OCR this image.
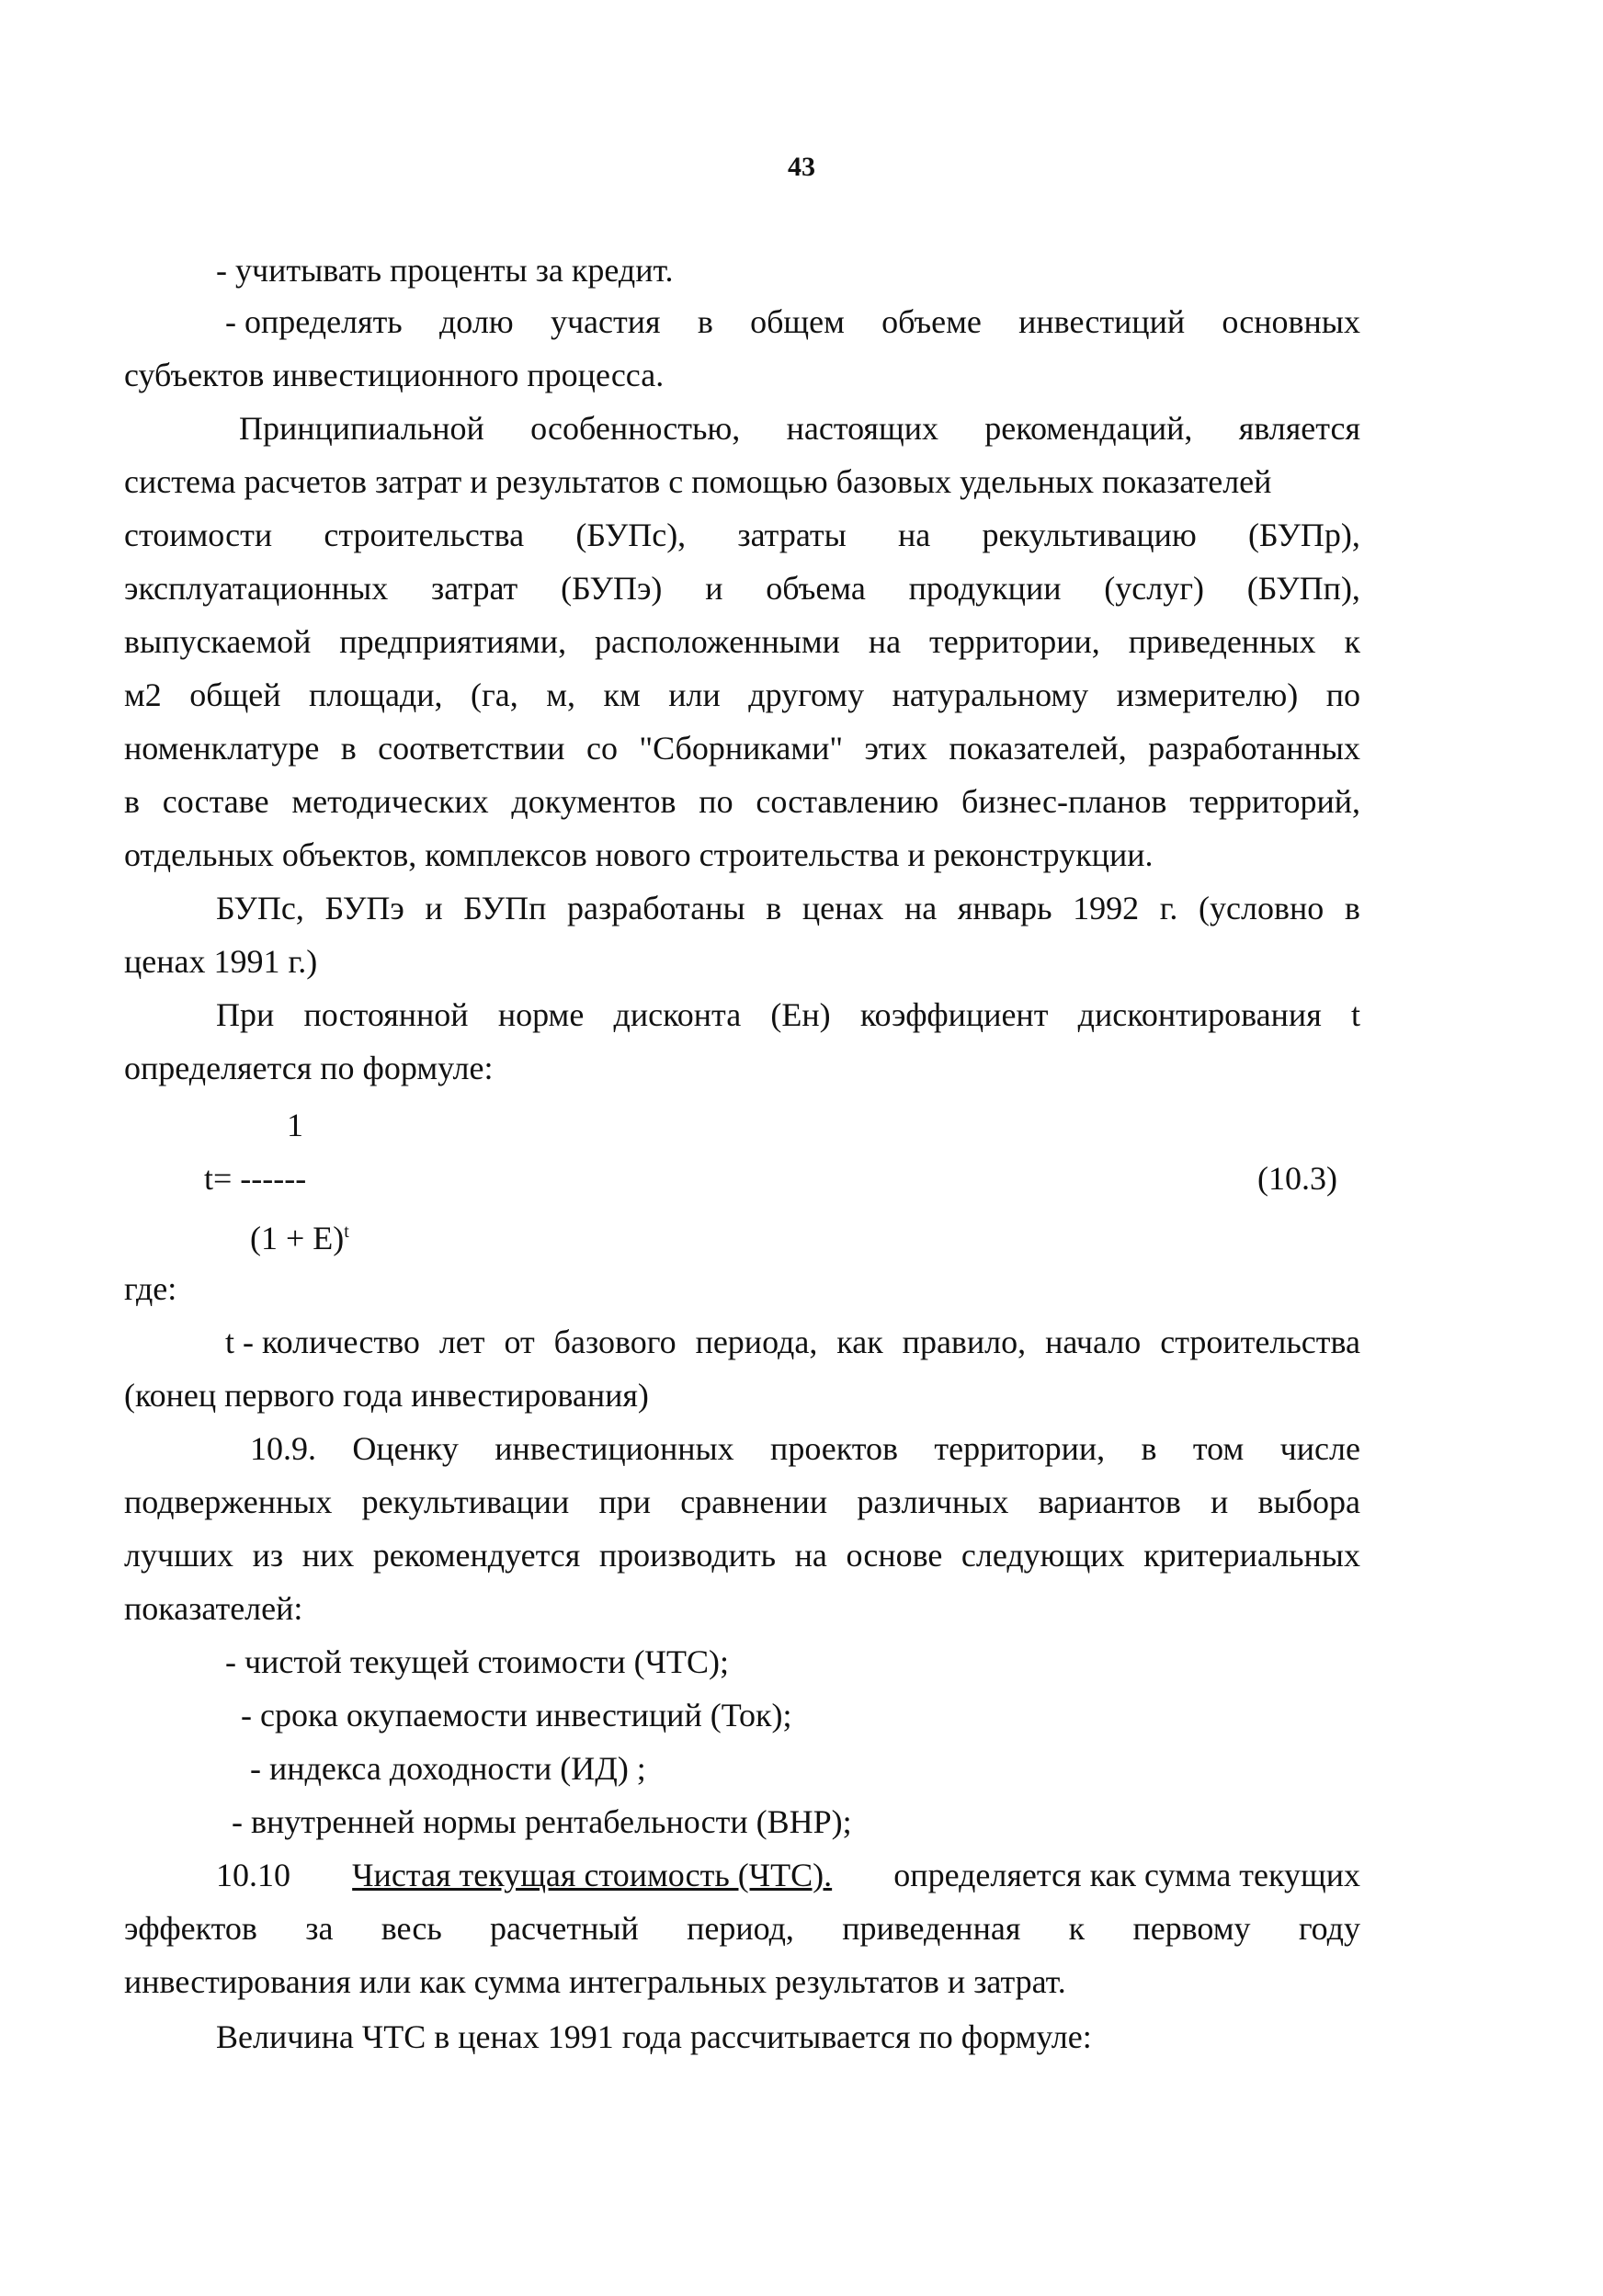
43
- учитывать проценты за кредит.
- определять долю участия в общем объеме инвестиций основных
субъектов инвестиционного процесса.
Принципиальной особенностью, настоящих рекомендаций, является
система расчетов затрат и результатов с помощью базовых удельных показателей
стоимости строительства (БУПс), затраты на рекультивацию (БУПр),
эксплуатационных затрат (БУПэ) и объема продукции (услуг) (БУПп),
выпускаемой предприятиями, расположенными на территории, приведенных к
м2 общей площади, (га, м, км или другому натуральному измерителю) по
номенклатуре в соответствии со "Сборниками" этих показателей, разработанных
в составе методических документов по составлению бизнес-планов территорий,
отдельных объектов, комплексов нового строительства и реконструкции.
БУПс, БУПэ и БУПп разработаны в ценах на январь 1992 г. (условно в
ценах 1991 г.)
При постоянной норме дисконта (Ен) коэффициент дисконтирования t
определяется по формуле:
1
t= ------	(10.3)
$(1 + E)^t$
где:
t - количество лет от базового периода, как правило, начало строительства
(конец первого года инвестирования)
10.9. Оценку инвестиционных проектов территории, в том числе
подверженных рекультивации при сравнении различных вариантов и выбора
лучших из них рекомендуется производить на основе следующих критериальных
показателей:
- чистой текущей стоимости (ЧТС);
- срока окупаемости инвестиций (Ток);
- индекса доходности (ИД) ;
- внутренней нормы рентабельности (ВНР);
10.10 Чистая текущая стоимость (ЧТС). определяется как сумма текущих
эффектов за весь расчетный период, приведенная к первому году
инвестирования или как сумма интегральных результатов и затрат.
Величина ЧТС в ценах 1991 года рассчитывается по формуле:
